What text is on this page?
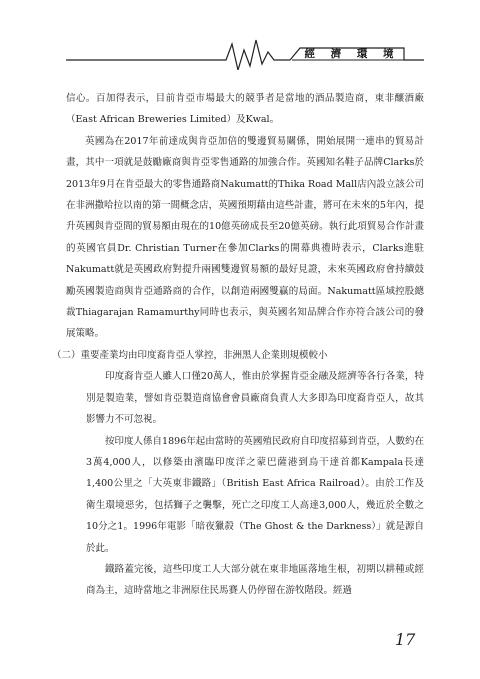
經 濟 環 境

信心。百加得表示，目前肯亞市場最大的競爭者是當地的酒品製造商，東非釀酒廠（East African Breweries Limited）及Kwal。

英國為在2017年前達成與肯亞加倍的雙邊貿易關係，開始展開一連串的貿易計畫，其中一項就是鼓勵廠商與肯亞零售通路的加強合作。英國知名鞋子品牌Clarks於2013年9月在肯亞最大的零售通路商Nakumatt的Thika Road Mall店內設立該公司在非洲撒哈拉以南的第一間概念店，英國預期藉由這些計畫，將可在未來的5年內，提升英國與肯亞間的貿易額由現在的10億英磅成長至20億英磅。執行此項貿易合作計畫的英國官員Dr. Christian Turner在參加Clarks的開幕典禮時表示，Clarks進駐Nakumatt就是英國政府對提升兩國雙邊貿易額的最好見證，未來英國政府會持續鼓勵英國製造商與肯亞通路商的合作，以創造兩國雙贏的局面。Nakumatt區域控股總裁Thiagarajan Ramamurthy同時也表示，與英國名知品牌合作亦符合該公司的發展策略。

（二）重要產業均由印度裔肯亞人掌控，非洲黑人企業則規模較小

印度裔肯亞人雖人口僅20萬人，惟由於掌握肯亞金融及經濟等各行各業，特別是製造業，譬如肯亞製造商協會會員廠商負責人大多即為印度裔肯亞人，故其影響力不可忽視。

按印度人係自1896年起由當時的英國殖民政府自印度招募到肯亞，人數約在3萬4,000人，以修築由濱臨印度洋之蒙巴薩港到烏干達首都Kampala長達1,400公里之「大英東非鐵路」（British East Africa Railroad）。由於工作及衛生環境惡劣，包括獅子之襲擊，死亡之印度工人高達3,000人，幾近於全數之10分之1。1996年電影「暗夜獵殺（The Ghost & the Darkness）」就是源自於此。

鐵路蓋完後，這些印度工人大部分就在東非地區落地生根，初期以耕種或經商為主，這時當地之非洲原住民馬賽人仍停留在游牧階段。經過

17
